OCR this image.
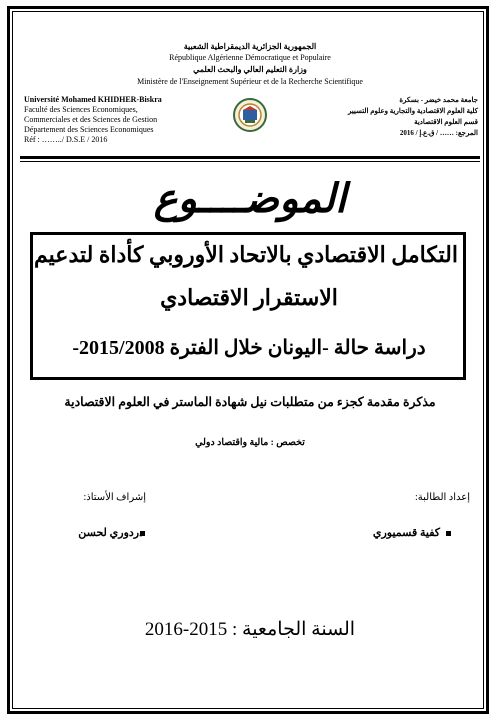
الجمهورية الجزائرية الديمقراطية الشعبية

République Algérienne Démocratique et Populaire

وزارة التعليم العالي والبحث العلمي

Ministère de l'Enseignement Supérieur et de la Recherche Scientifique

Université Mohamed KHIDHER-Biskra
Faculté des Sciences Economiques,
Commerciales et des Sciences de Gestion
Département des Sciences Economiques
Réf : ……../ D.S.E / 2016
جامعة محمد خيضر - بسكرة
كلية العلوم الاقتصادية والتجارية وعلوم التسيير
قسم العلوم الاقتصادية
المرجع: …… / ق.ع.إ / 2016

الموضــــوع

التكامل الاقتصادي بالاتحاد الأوروبي كأداة لتدعيم

الاستقرار الاقتصادي

دراسة حالة -اليونان خلال الفترة 2015/2008-

مذكرة مقدمة كجزء من متطلبات نيل شهادة الماستر في العلوم الاقتصادية

تخصص : مالية واقتصاد دولي

إعداد الطالبة:

إشراف الأستاذ:

كفية قسميوري

دردوري لحسن

السنة الجامعية : 2015-2016
